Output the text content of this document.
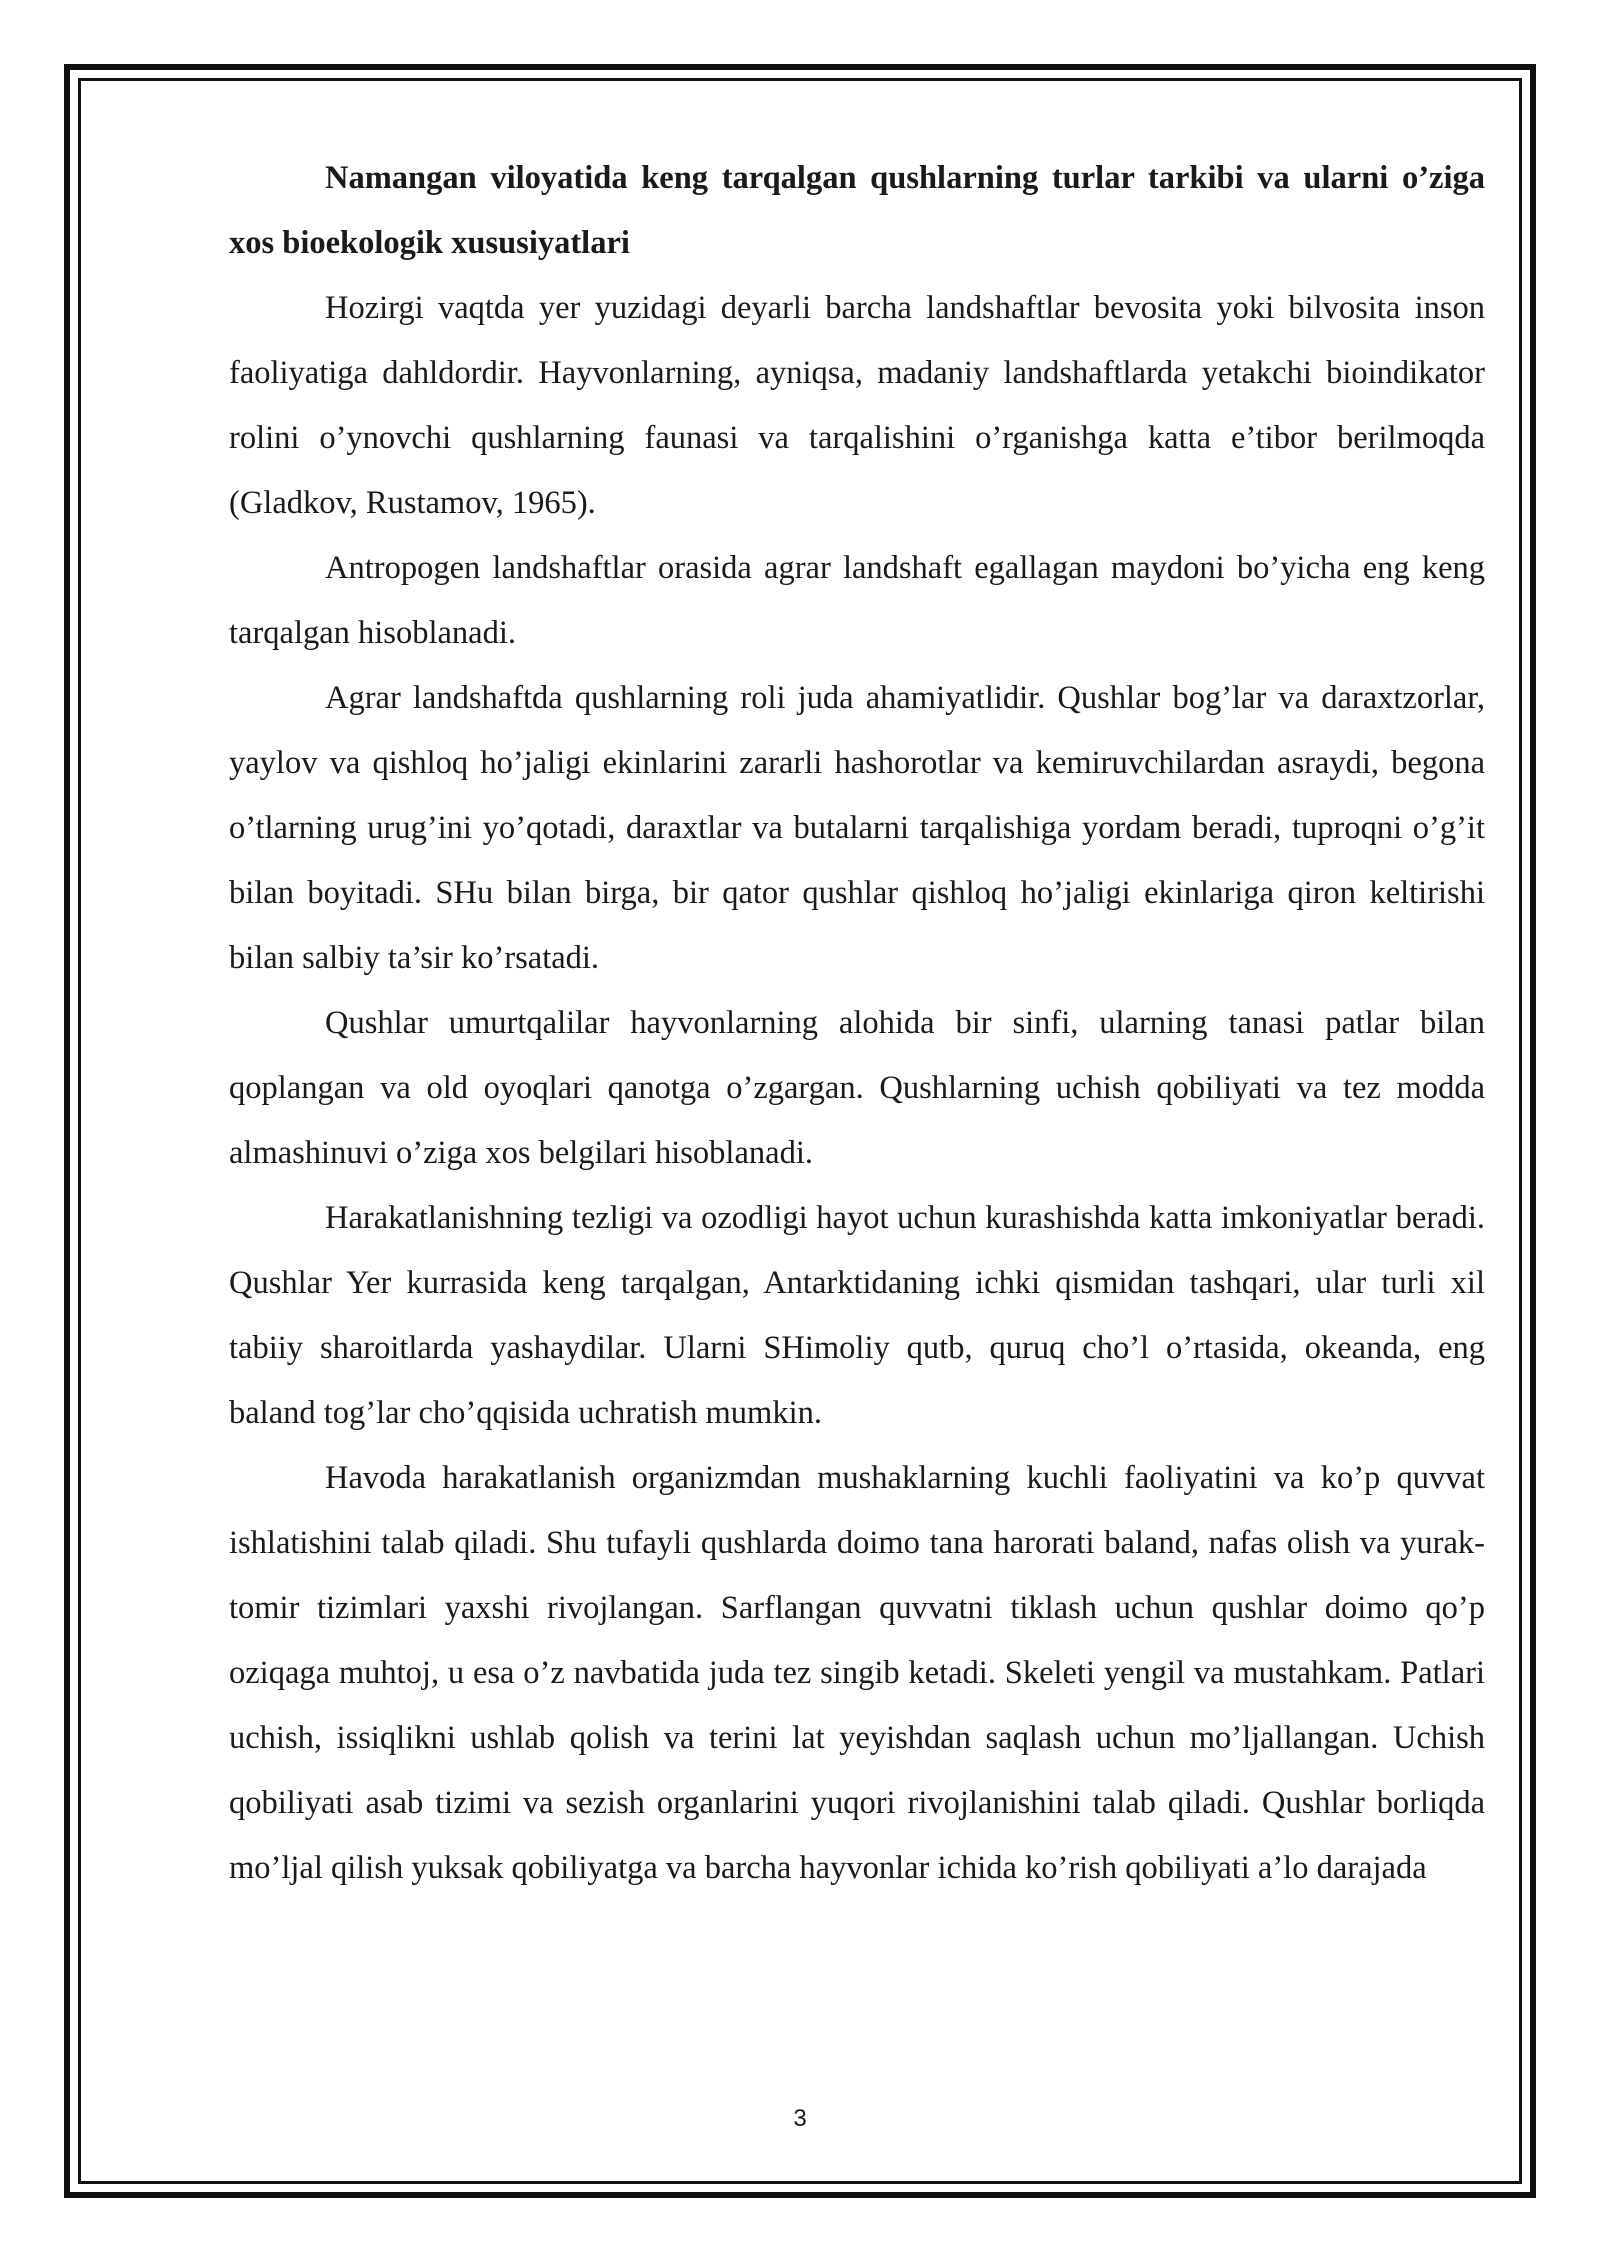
Namangan viloyatida keng tarqalgan qushlarning turlar tarkibi va ularni o’ziga xos bioekologik xususiyatlari

Hozirgi vaqtda yer yuzidagi deyarli barcha landshaftlar bevosita yoki bilvosita inson faoliyatiga dahldordir. Hayvonlarning, ayniqsa, madaniy landshaftlarda yetakchi bioindikator rolini o’ynovchi qushlarning faunasi va tarqalishini o’rganishga katta e’tibor berilmoqda (Gladkov, Rustamov, 1965).

Antropogen landshaftlar orasida agrar landshaft egallagan maydoni bo’yicha eng keng tarqalgan hisoblanadi.

Agrar landshaftda qushlarning roli juda ahamiyatlidir. Qushlar bog’lar va daraxtzorlar, yaylov va qishloq ho’jaligi ekinlarini zararli hashorotlar va kemiruvchilardan asraydi, begona o’tlarning urug’ini yo’qotadi, daraxtlar va butalarni tarqalishiga yordam beradi, tuproqni o’g’it bilan boyitadi. SHu bilan birga, bir qator qushlar qishloq ho’jaligi ekinlariga qiron keltirishi bilan salbiy ta’sir ko’rsatadi.

Qushlar umurtqalilar hayvonlarning alohida bir sinfi, ularning tanasi patlar bilan qoplangan va old oyoqlari qanotga o’zgargan. Qushlarning uchish qobiliyati va tez modda almashinuvi o’ziga xos belgilari hisoblanadi.

Harakatlanishning tezligi va ozodligi hayot uchun kurashishda katta imkoniyatlar beradi. Qushlar Yer kurrasida keng tarqalgan, Antarktidaning ichki qismidan tashqari, ular turli xil tabiiy sharoitlarda yashaydilar. Ularni SHimoliy qutb, quruq cho’l o’rtasida, okeanda, eng baland tog’lar cho’qqisida uchratish mumkin.

Havoda harakatlanish organizmdan mushaklarning kuchli faoliyatini va ko’p quvvat ishlatishini talab qiladi. Shu tufayli qushlarda doimo tana harorati baland, nafas olish va yurak-tomir tizimlari yaxshi rivojlangan. Sarflangan quvvatni tiklash uchun qushlar doimo qo’p oziqaga muhtoj, u esa o’z navbatida juda tez singib ketadi. Skeleti yengil va mustahkam. Patlari uchish, issiqlikni ushlab qolish va terini lat yeyishdan saqlash uchun mo’ljallangan. Uchish qobiliyati asab tizimi va sezish organlarini yuqori rivojlanishini talab qiladi. Qushlar borliqda mo’ljal qilish yuksak qobiliyatga va barcha hayvonlar ichida ko’rish qobiliyati a’lo darajada

3
